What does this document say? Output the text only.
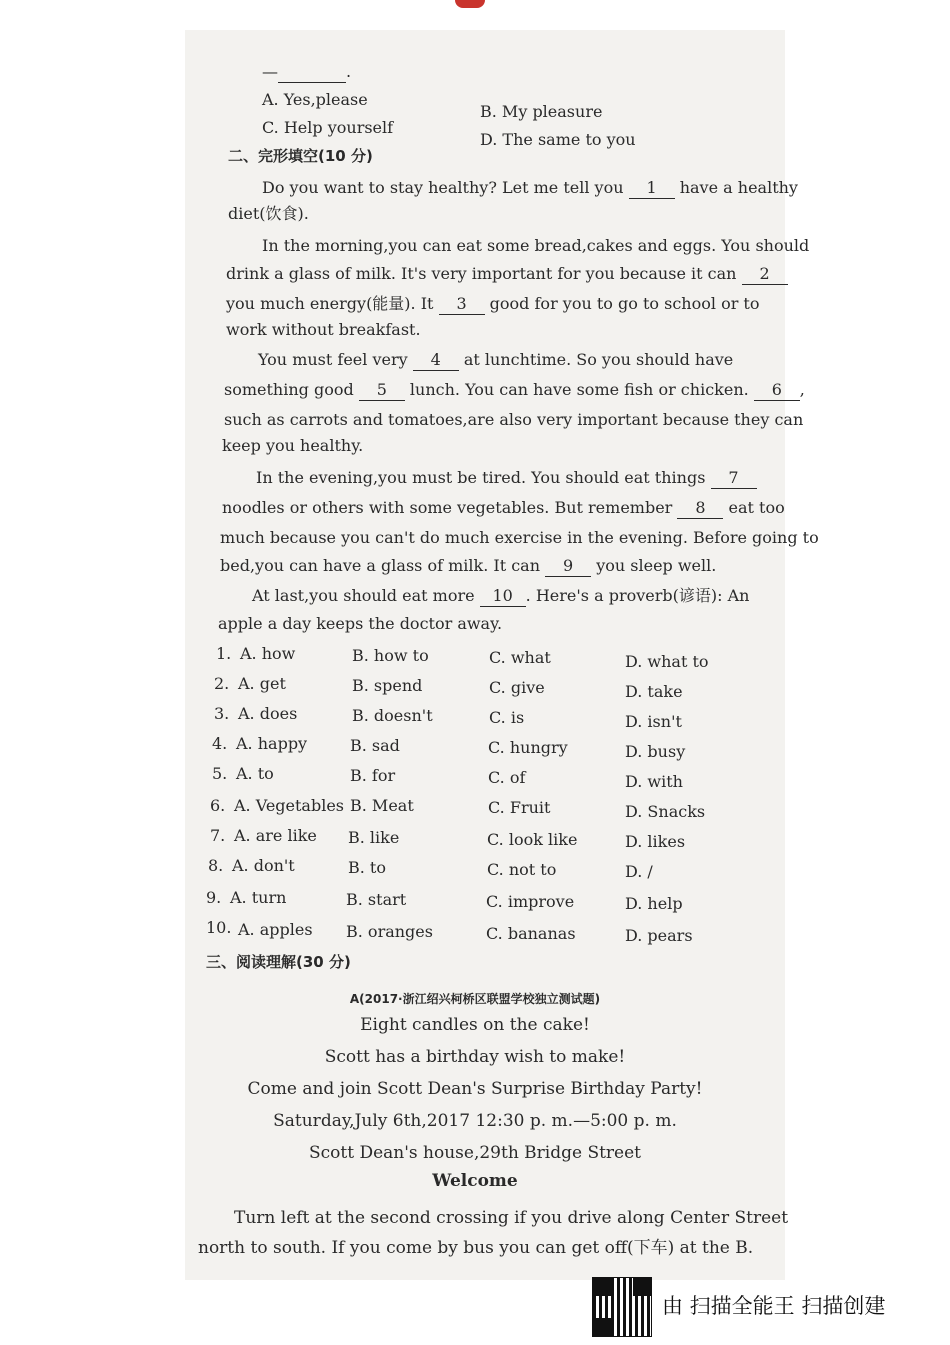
—	.
A. Yes,please
B. My pleasure
C. Help yourself
D. The same to you
二、完形填空(10 分)
Do you want to stay healthy? Let me tell you 1 have a healthy
diet(饮食).
In the morning,you can eat some bread,cakes and eggs. You should
drink a glass of milk. It's very important for you because it can 2
you much energy(能量). It 3 good for you to go to school or to
work without breakfast.
You must feel very 4 at lunchtime. So you should have
something good 5 lunch. You can have some fish or chicken. 6 ,
such as carrots and tomatoes,are also very important because they can
keep you healthy.
In the evening,you must be tired. You should eat things 7
noodles or others with some vegetables. But remember 8 eat too
much because you can't do much exercise in the evening. Before going to
bed,you can have a glass of milk. It can 9 you sleep well.
At last,you should eat more 10 . Here's a proverb(谚语): An
apple a day keeps the doctor away.
1. A. how	B. how to	C. what	D. what to
2. A. get	B. spend	C. give	D. take
3. A. does	B. doesn't	C. is	D. isn't
4. A. happy	B. sad	C. hungry	D. busy
5. A. to	B. for	C. of	D. with
6. A. Vegetables B. Meat	C. Fruit	D. Snacks
7. A. are like B. like	C. look like	D. likes
8. A. don't	B. to	C. not to	D. /
9. A. turn	B. start	C. improve	D. help
10. A. apples B. oranges	C. bananas	D. pears
三、阅读理解(30 分)
A(2017·浙江绍兴柯桥区联盟学校独立测试题)
Eight candles on the cake!
Scott has a birthday wish to make!
Come and join Scott Dean's Surprise Birthday Party!
Saturday,July 6th,2017 12:30 p. m.—5:00 p. m.
Scott Dean's house,29th Bridge Street
Welcome
Turn left at the second crossing if you drive along Center Street
north to south. If you come by bus you can get off(下车) at the B.
由 扫描全能王 扫描创建
